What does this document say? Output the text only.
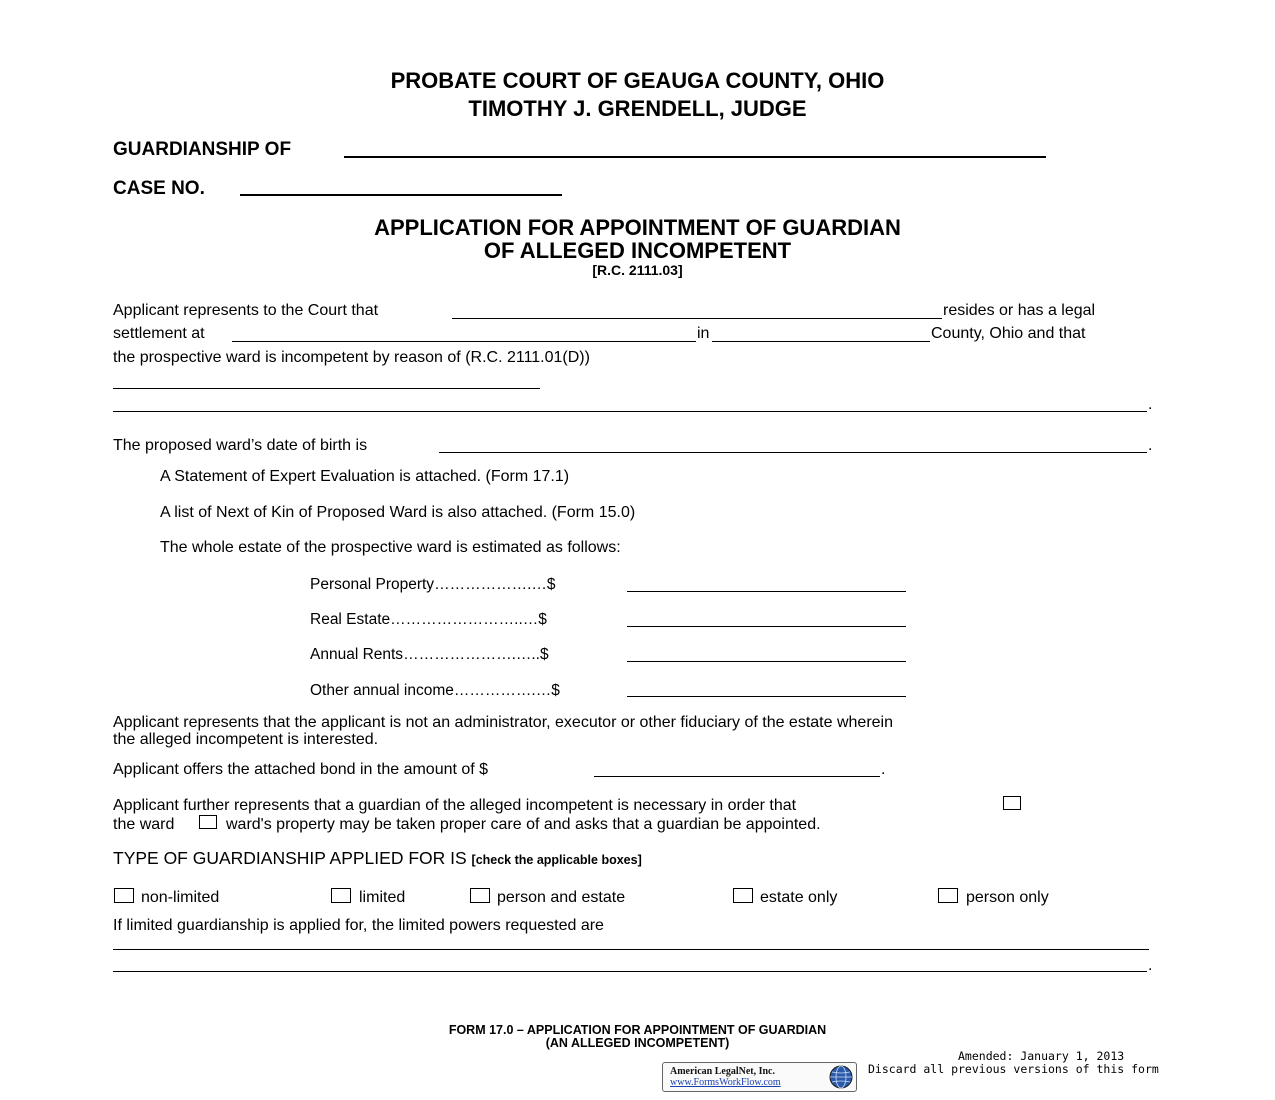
PROBATE COURT OF GEAUGA COUNTY, OHIO
TIMOTHY J. GRENDELL, JUDGE
GUARDIANSHIP OF
CASE NO.
APPLICATION FOR APPOINTMENT OF GUARDIAN
OF ALLEGED INCOMPETENT
[R.C. 2111.03]
Applicant represents to the Court that	resides or has a legal
settlement at	in	County, Ohio and that
the prospective ward is incompetent by reason of (R.C. 2111.01(D))
.
The proposed ward’s date of birth is	.
A Statement of Expert Evaluation is attached. (Form 17.1)
A list of Next of Kin of Proposed Ward is also attached. (Form 15.0)
The whole estate of the prospective ward is estimated as follows:
Personal Property……………….…$
Real Estate……………………..…$
Annual Rents………………….…..$
Other annual income…………….…$
Applicant represents that the applicant is not an administrator, executor or other fiduciary of the estate wherein
the alleged incompetent is interested.
Applicant offers the attached bond in the amount of $	.
Applicant further represents that a guardian of the alleged incompetent is necessary in order that
the ward	ward's property may be taken proper care of and asks that a guardian be appointed.
TYPE OF GUARDIANSHIP APPLIED FOR IS [check the applicable boxes]
non-limited	limited	person and estate	estate only	person only
If limited guardianship is applied for, the limited powers requested are
.
FORM 17.0 – APPLICATION FOR APPOINTMENT OF GUARDIAN
(AN ALLEGED INCOMPETENT)
Amended: January 1, 2013
Discard all previous versions of this form
American LegalNet, Inc.
www.FormsWorkFlow.com
